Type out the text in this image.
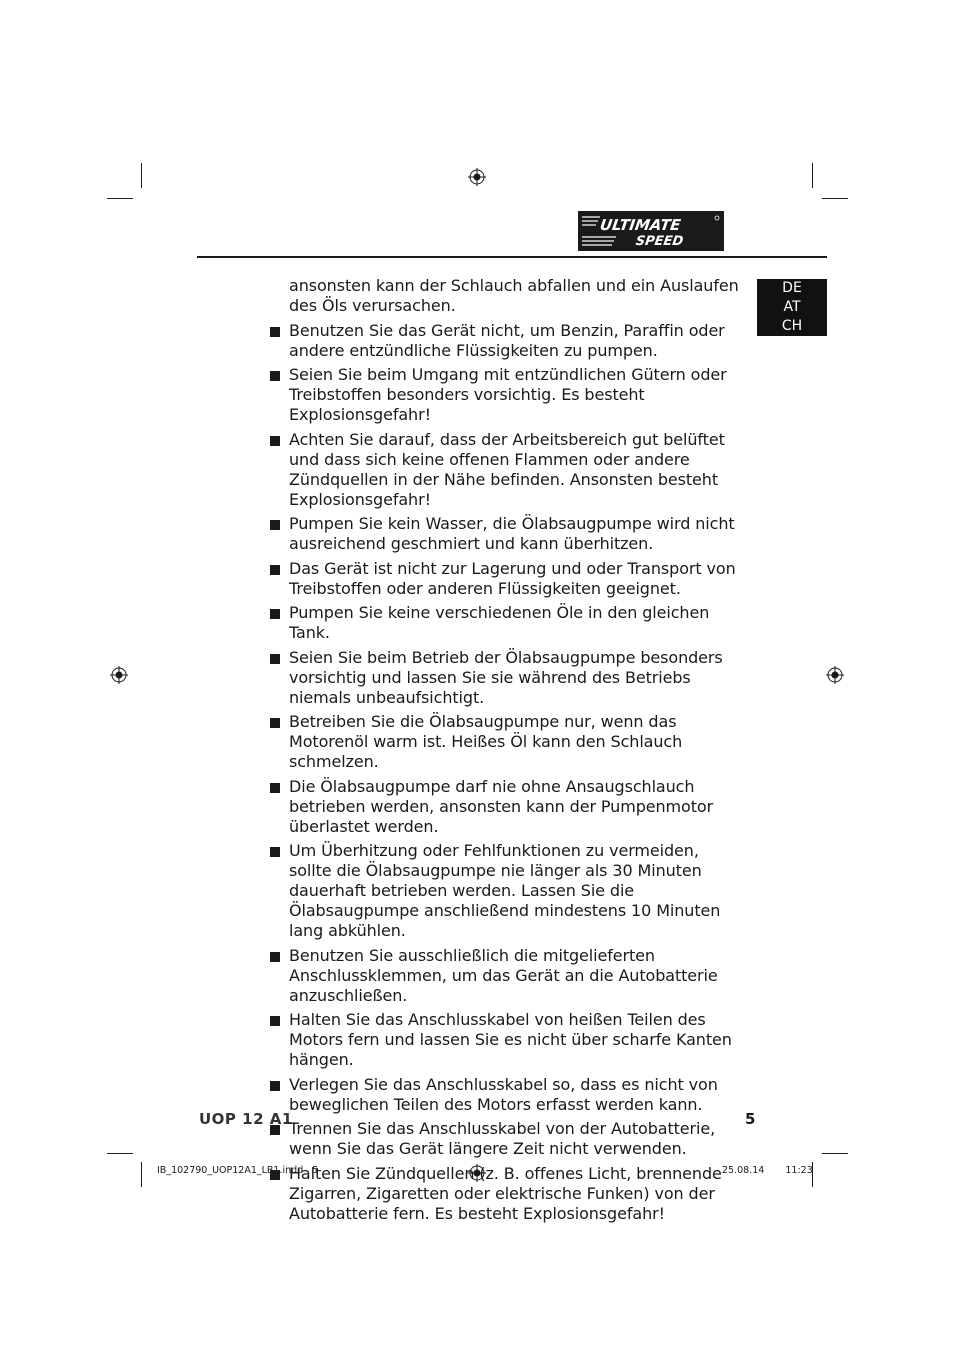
ULTIMATE
SPEED
DE
AT
CH
ansonsten kann der Schlauch abfallen und ein Auslaufen des Öls verursachen.
Benutzen Sie das Gerät nicht, um Benzin, Paraffin oder andere entzündliche Flüssigkeiten zu pumpen.
Seien Sie beim Umgang mit entzündlichen Gütern oder Treibstoffen besonders vorsichtig. Es besteht Explosionsgefahr!
Achten Sie darauf, dass der Arbeitsbereich gut belüftet und dass sich keine offenen Flammen oder andere Zündquellen in der Nähe befinden. Ansonsten besteht Explosionsgefahr!
Pumpen Sie kein Wasser, die Ölabsaugpumpe wird nicht ausreichend geschmiert und kann überhitzen.
Das Gerät ist nicht zur Lagerung und oder Transport von Treibstoffen oder anderen Flüssigkeiten geeignet.
Pumpen Sie keine verschiedenen Öle in den gleichen Tank.
Seien Sie beim Betrieb der Ölabsaugpumpe besonders vorsichtig und lassen Sie sie während des Betriebs niemals unbeaufsichtigt.
Betreiben Sie die Ölabsaugpumpe nur, wenn das Motorenöl warm ist. Heißes Öl kann den Schlauch schmelzen.
Die Ölabsaugpumpe darf nie ohne Ansaugschlauch betrieben werden, ansonsten kann der Pumpenmotor überlastet werden.
Um Überhitzung oder Fehlfunktionen zu vermeiden, sollte die Ölabsaugpumpe nie länger als 30 Minuten dauerhaft betrieben werden. Lassen Sie die Ölabsaugpumpe anschließend mindestens 10 Minuten lang abkühlen.
Benutzen Sie ausschließlich die mitgelieferten Anschlussklemmen, um das Gerät an die Autobatterie anzuschließen.
Halten Sie das Anschlusskabel von heißen Teilen des Motors fern und lassen Sie es nicht über scharfe Kanten hängen.
Verlegen Sie das Anschlusskabel so, dass es nicht von beweglichen Teilen des Motors erfasst werden kann.
Trennen Sie das Anschlusskabel von der Autobatterie, wenn Sie das Gerät längere Zeit nicht verwenden.
Halten Sie Zündquellen (z. B. offenes Licht, brennende Zigarren, Zigaretten oder elektrische Funken) von der Autobatterie fern. Es besteht Explosionsgefahr!
UOP 12 A1	5
IB_102790_UOP12A1_LB1.indd   5	25.08.14   11:23
